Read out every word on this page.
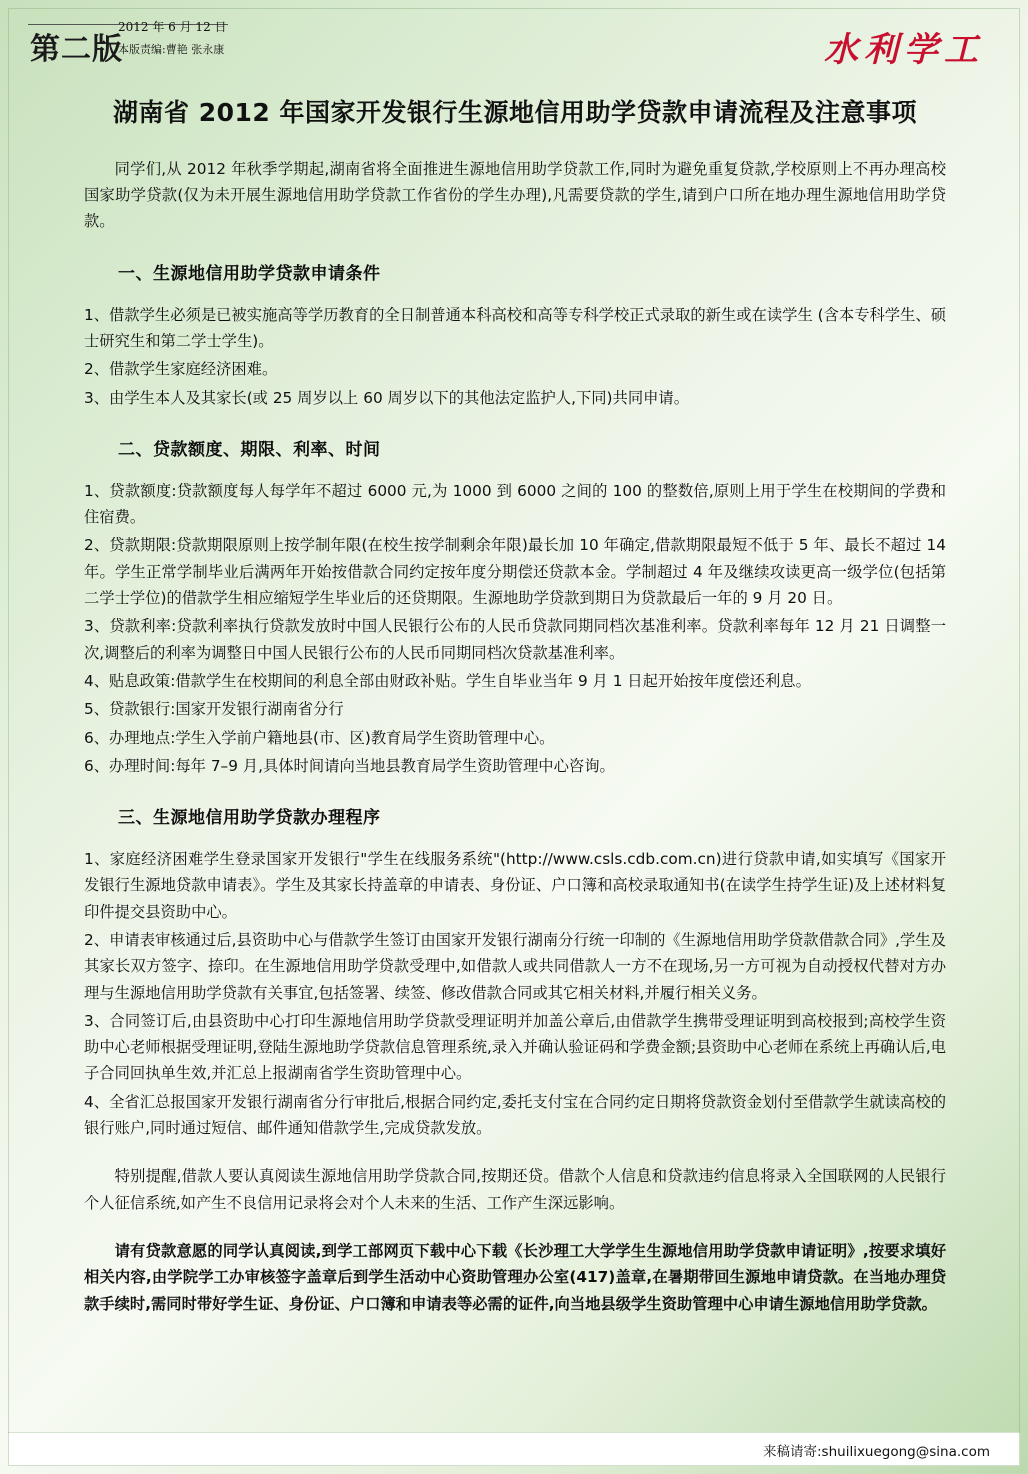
第二版
2012 年 6 月 12 日
本版责编:曹艳 张永康	水利学工
湖南省 2012 年国家开发银行生源地信用助学贷款申请流程及注意事项

同学们,从 2012 年秋季学期起,湖南省将全面推进生源地信用助学贷款工作,同时为避免重复贷款,学校原则上不再办理高校国家助学贷款(仅为未开展生源地信用助学贷款工作省份的学生办理),凡需要贷款的学生,请到户口所在地办理生源地信用助学贷款。

一、生源地信用助学贷款申请条件

1、借款学生必须是已被实施高等学历教育的全日制普通本科高校和高等专科学校正式录取的新生或在读学生 (含本专科学生、硕士研究生和第二学士学生)。

2、借款学生家庭经济困难。

3、由学生本人及其家长(或 25 周岁以上 60 周岁以下的其他法定监护人,下同)共同申请。

二、贷款额度、期限、利率、时间

1、贷款额度:贷款额度每人每学年不超过 6000 元,为 1000 到 6000 之间的 100 的整数倍,原则上用于学生在校期间的学费和住宿费。

2、贷款期限:贷款期限原则上按学制年限(在校生按学制剩余年限)最长加 10 年确定,借款期限最短不低于 5 年、最长不超过 14 年。学生正常学制毕业后满两年开始按借款合同约定按年度分期偿还贷款本金。学制超过 4 年及继续攻读更高一级学位(包括第二学士学位)的借款学生相应缩短学生毕业后的还贷期限。生源地助学贷款到期日为贷款最后一年的 9 月 20 日。

3、贷款利率:贷款利率执行贷款发放时中国人民银行公布的人民币贷款同期同档次基准利率。贷款利率每年 12 月 21 日调整一次,调整后的利率为调整日中国人民银行公布的人民币同期同档次贷款基准利率。

4、贴息政策:借款学生在校期间的利息全部由财政补贴。学生自毕业当年 9 月 1 日起开始按年度偿还利息。

5、贷款银行:国家开发银行湖南省分行

6、办理地点:学生入学前户籍地县(市、区)教育局学生资助管理中心。

6、办理时间:每年 7–9 月,具体时间请向当地县教育局学生资助管理中心咨询。

三、生源地信用助学贷款办理程序

1、家庭经济困难学生登录国家开发银行"学生在线服务系统"(http://www.csls.cdb.com.cn)进行贷款申请,如实填写《国家开发银行生源地贷款申请表》。学生及其家长持盖章的申请表、身份证、户口簿和高校录取通知书(在读学生持学生证)及上述材料复印件提交县资助中心。

2、申请表审核通过后,县资助中心与借款学生签订由国家开发银行湖南分行统一印制的《生源地信用助学贷款借款合同》,学生及其家长双方签字、捺印。在生源地信用助学贷款受理中,如借款人或共同借款人一方不在现场,另一方可视为自动授权代替对方办理与生源地信用助学贷款有关事宜,包括签署、续签、修改借款合同或其它相关材料,并履行相关义务。

3、合同签订后,由县资助中心打印生源地信用助学贷款受理证明并加盖公章后,由借款学生携带受理证明到高校报到;高校学生资助中心老师根据受理证明,登陆生源地助学贷款信息管理系统,录入并确认验证码和学费金额;县资助中心老师在系统上再确认后,电子合同回执单生效,并汇总上报湖南省学生资助管理中心。

4、全省汇总报国家开发银行湖南省分行审批后,根据合同约定,委托支付宝在合同约定日期将贷款资金划付至借款学生就读高校的银行账户,同时通过短信、邮件通知借款学生,完成贷款发放。

特别提醒,借款人要认真阅读生源地信用助学贷款合同,按期还贷。借款个人信息和贷款违约信息将录入全国联网的人民银行个人征信系统,如产生不良信用记录将会对个人未来的生活、工作产生深远影响。

请有贷款意愿的同学认真阅读,到学工部网页下载中心下载《长沙理工大学学生生源地信用助学贷款申请证明》,按要求填好相关内容,由学院学工办审核签字盖章后到学生活动中心资助管理办公室(417)盖章,在暑期带回生源地申请贷款。在当地办理贷款手续时,需同时带好学生证、身份证、户口簿和申请表等必需的证件,向当地县级学生资助管理中心申请生源地信用助学贷款。

来稿请寄:shuilixuegong@sina.com
